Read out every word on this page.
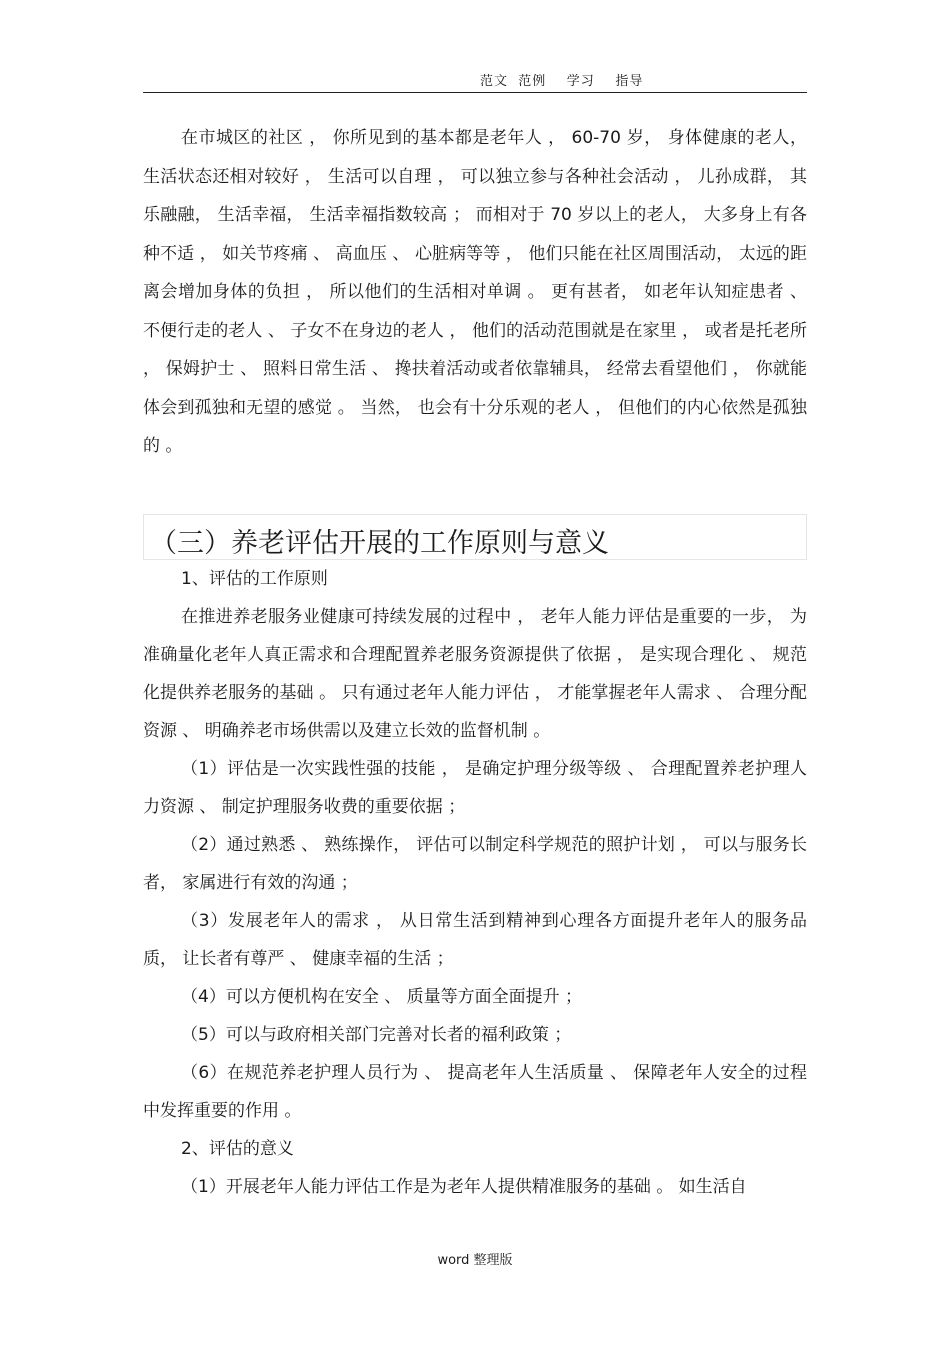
范文  范例    学习    指导

在市城区的社区 ， 你所见到的基本都是老年人 ， 60-70 岁， 身体健康的老人， 生活状态还相对较好 ， 生活可以自理 ， 可以独立参与各种社会活动 ， 儿孙成群， 其乐融融， 生活幸福， 生活幸福指数较高 ； 而相对于 70 岁以上的老人， 大多身上有各种不适 ， 如关节疼痛 、 高血压 、 心脏病等等 ， 他们只能在社区周围活动， 太远的距离会增加身体的负担 ， 所以他们的生活相对单调 。 更有甚者， 如老年认知症患者 、 不便行走的老人 、 子女不在身边的老人 ， 他们的活动范围就是在家里 ， 或者是托老所 ， 保姆护士 、 照料日常生活 、 搀扶着活动或者依靠辅具， 经常去看望他们 ， 你就能体会到孤独和无望的感觉 。 当然， 也会有十分乐观的老人 ， 但他们的内心依然是孤独的 。

（三）养老评估开展的工作原则与意义

1、评估的工作原则

在推进养老服务业健康可持续发展的过程中 ， 老年人能力评估是重要的一步， 为准确量化老年人真正需求和合理配置养老服务资源提供了依据 ， 是实现合理化 、 规范化提供养老服务的基础 。 只有通过老年人能力评估 ， 才能掌握老年人需求 、 合理分配资源 、 明确养老市场供需以及建立长效的监督机制 。

（1）评估是一次实践性强的技能 ， 是确定护理分级等级 、 合理配置养老护理人力资源 、 制定护理服务收费的重要依据 ；

（2）通过熟悉 、 熟练操作， 评估可以制定科学规范的照护计划 ， 可以与服务长者， 家属进行有效的沟通 ；

（3）发展老年人的需求 ， 从日常生活到精神到心理各方面提升老年人的服务品质， 让长者有尊严 、 健康幸福的生活 ；

（4）可以方便机构在安全 、 质量等方面全面提升 ；

（5）可以与政府相关部门完善对长者的福利政策 ；

（6）在规范养老护理人员行为 、 提高老年人生活质量 、 保障老年人安全的过程中发挥重要的作用 。

2、评估的意义

（1）开展老年人能力评估工作是为老年人提供精准服务的基础 。 如生活自

word 整理版
